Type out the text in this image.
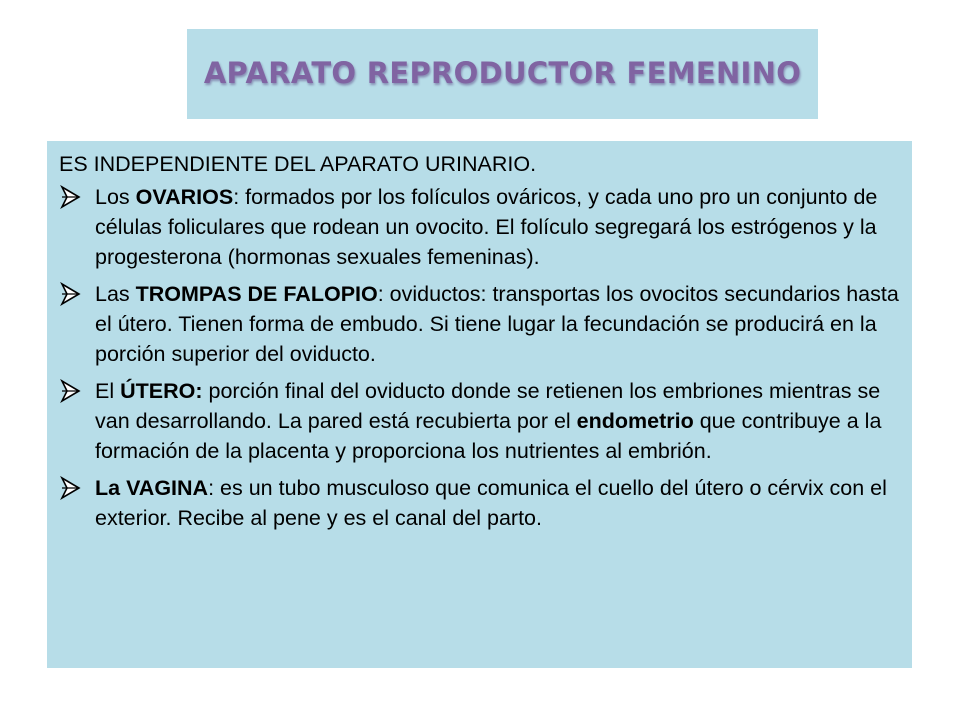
APARATO REPRODUCTOR FEMENINO

ES INDEPENDIENTE DEL APARATO URINARIO.

Los OVARIOS: formados por los folículos ováricos, y cada uno pro un conjunto de células foliculares que rodean un ovocito. El folículo segregará los estrógenos y la progesterona (hormonas sexuales femeninas).
Las TROMPAS DE FALOPIO: oviductos: transportas los ovocitos secundarios hasta el útero. Tienen forma de embudo. Si tiene lugar la fecundación se producirá en la porción superior del oviducto.
El ÚTERO: porción final del oviducto donde se retienen los embriones mientras se van desarrollando. La pared está recubierta por el endometrio que contribuye a la formación de la placenta y proporciona los nutrientes al embrión.
La VAGINA: es un tubo musculoso que comunica el cuello del útero o cérvix con el exterior. Recibe al pene y es el canal del parto.
